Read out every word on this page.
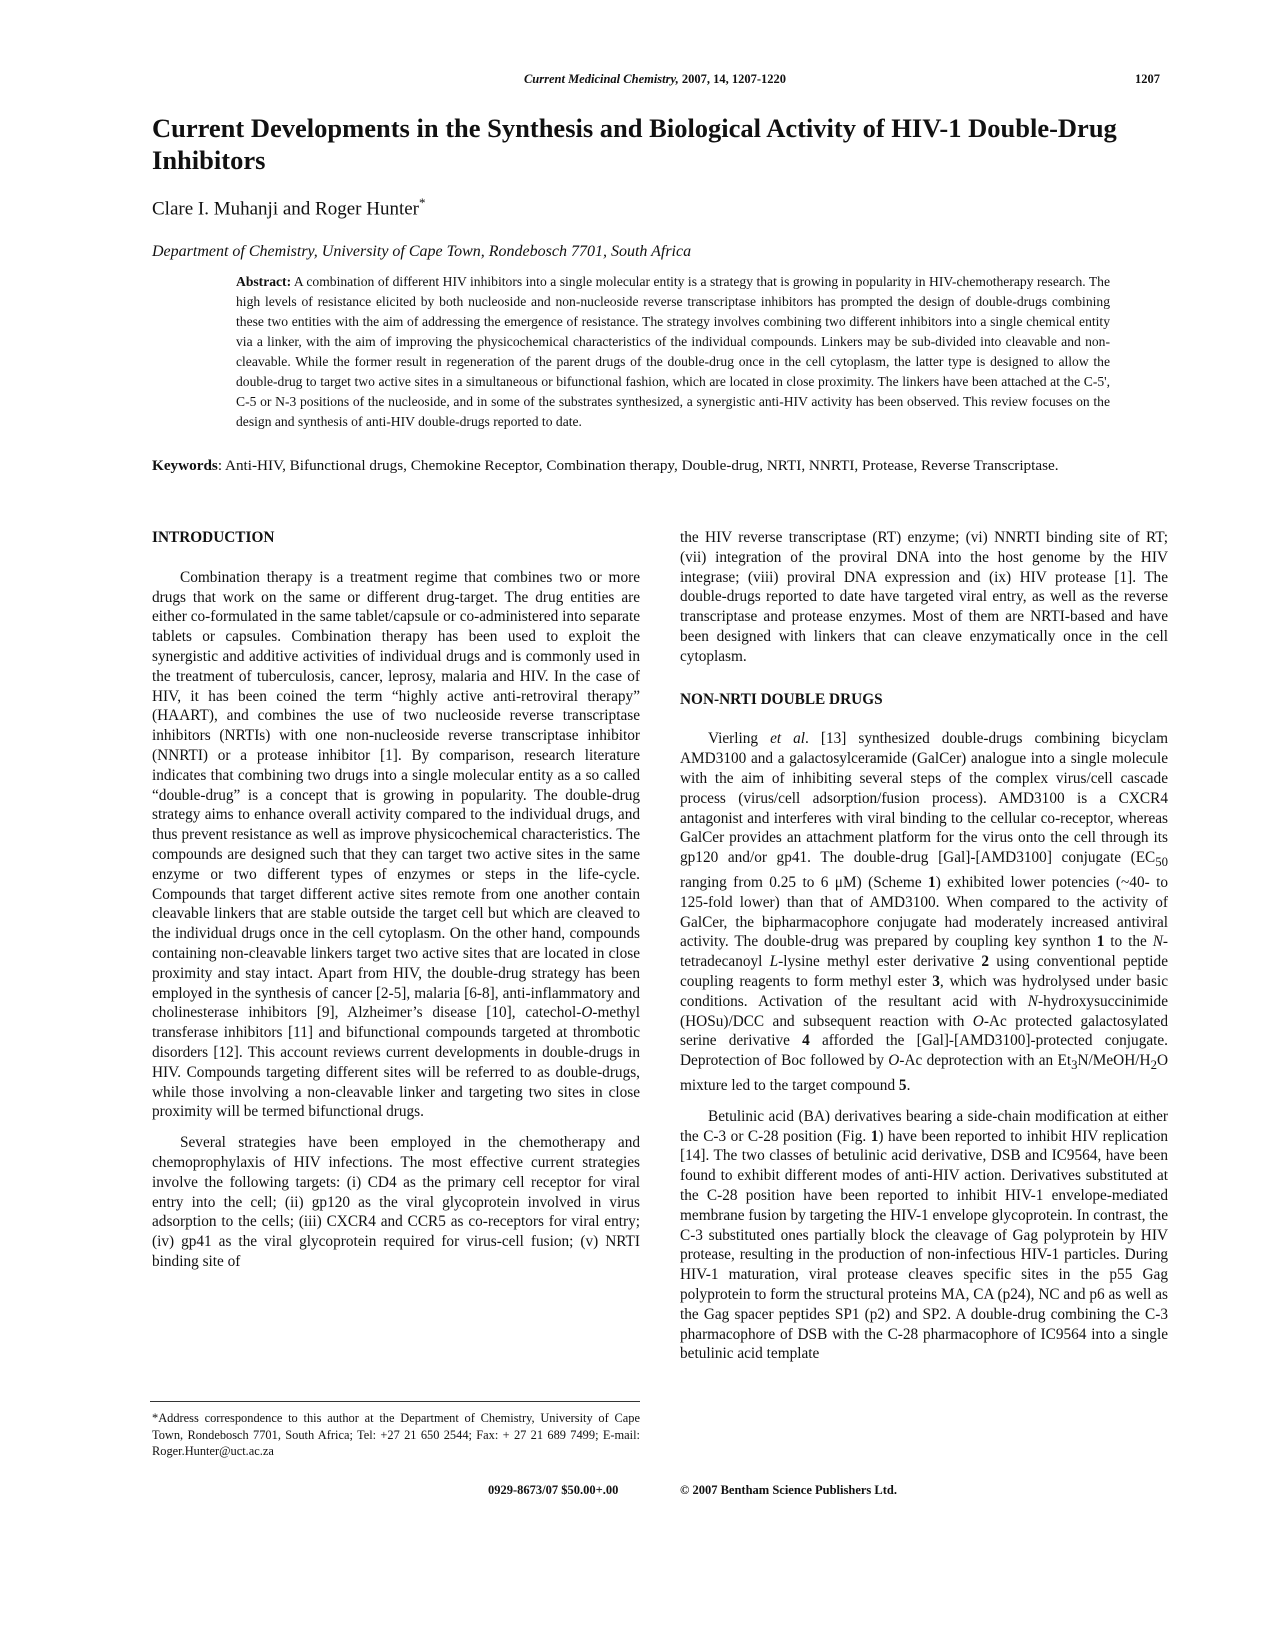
Current Medicinal Chemistry, 2007, 14, 1207-1220	1207
Current Developments in the Synthesis and Biological Activity of HIV-1 Double-Drug Inhibitors

Clare I. Muhanji and Roger Hunter*

Department of Chemistry, University of Cape Town, Rondebosch 7701, South Africa

Abstract: A combination of different HIV inhibitors into a single molecular entity is a strategy that is growing in popularity in HIV-chemotherapy research. The high levels of resistance elicited by both nucleoside and non-nucleoside reverse transcriptase inhibitors has prompted the design of double-drugs combining these two entities with the aim of addressing the emergence of resistance. The strategy involves combining two different inhibitors into a single chemical entity via a linker, with the aim of improving the physicochemical characteristics of the individual compounds. Linkers may be sub-divided into cleavable and non-cleavable. While the former result in regeneration of the parent drugs of the double-drug once in the cell cytoplasm, the latter type is designed to allow the double-drug to target two active sites in a simultaneous or bifunctional fashion, which are located in close proximity. The linkers have been attached at the C-5', C-5 or N-3 positions of the nucleoside, and in some of the substrates synthesized, a synergistic anti-HIV activity has been observed. This review focuses on the design and synthesis of anti-HIV double-drugs reported to date.

Keywords: Anti-HIV, Bifunctional drugs, Chemokine Receptor, Combination therapy, Double-drug, NRTI, NNRTI, Protease, Reverse Transcriptase.

INTRODUCTION

Combination therapy is a treatment regime that combines two or more drugs that work on the same or different drug-target. The drug entities are either co-formulated in the same tablet/capsule or co-administered into separate tablets or capsules. Combination therapy has been used to exploit the synergistic and additive activities of individual drugs and is commonly used in the treatment of tuberculosis, cancer, leprosy, malaria and HIV. In the case of HIV, it has been coined the term “highly active anti-retroviral therapy” (HAART), and combines the use of two nucleoside reverse transcriptase inhibitors (NRTIs) with one non-nucleoside reverse transcriptase inhibitor (NNRTI) or a protease inhibitor [1]. By comparison, research literature indicates that combining two drugs into a single molecular entity as a so called “double-drug” is a concept that is growing in popularity. The double-drug strategy aims to enhance overall activity compared to the individual drugs, and thus prevent resistance as well as improve physicochemical characteristics. The compounds are designed such that they can target two active sites in the same enzyme or two different types of enzymes or steps in the life-cycle. Compounds that target different active sites remote from one another contain cleavable linkers that are stable outside the target cell but which are cleaved to the individual drugs once in the cell cytoplasm. On the other hand, compounds containing non-cleavable linkers target two active sites that are located in close proximity and stay intact. Apart from HIV, the double-drug strategy has been employed in the synthesis of cancer [2-5], malaria [6-8], anti-inflammatory and cholinesterase inhibitors [9], Alzheimer’s disease [10], catechol-O-methyl transferase inhibitors [11] and bifunctional compounds targeted at thrombotic disorders [12]. This account reviews current developments in double-drugs in HIV. Compounds targeting different sites will be referred to as double-drugs, while those involving a non-cleavable linker and targeting two sites in close proximity will be termed bifunctional drugs.

Several strategies have been employed in the chemotherapy and chemoprophylaxis of HIV infections. The most effective current strategies involve the following targets: (i) CD4 as the primary cell receptor for viral entry into the cell; (ii) gp120 as the viral glycoprotein involved in virus adsorption to the cells; (iii) CXCR4 and CCR5 as co-receptors for viral entry; (iv) gp41 as the viral glycoprotein required for virus-cell fusion; (v) NRTI binding site of

*Address correspondence to this author at the Department of Chemistry, University of Cape Town, Rondebosch 7701, South Africa; Tel: +27 21 650 2544; Fax: + 27 21 689 7499; E-mail: Roger.Hunter@uct.ac.za

the HIV reverse transcriptase (RT) enzyme; (vi) NNRTI binding site of RT; (vii) integration of the proviral DNA into the host genome by the HIV integrase; (viii) proviral DNA expression and (ix) HIV protease [1]. The double-drugs reported to date have targeted viral entry, as well as the reverse transcriptase and protease enzymes. Most of them are NRTI-based and have been designed with linkers that can cleave enzymatically once in the cell cytoplasm.

NON-NRTI DOUBLE DRUGS

Vierling et al. [13] synthesized double-drugs combining bicyclam AMD3100 and a galactosylceramide (GalCer) analogue into a single molecule with the aim of inhibiting several steps of the complex virus/cell cascade process (virus/cell adsorption/fusion process). AMD3100 is a CXCR4 antagonist and interferes with viral binding to the cellular co-receptor, whereas GalCer provides an attachment platform for the virus onto the cell through its gp120 and/or gp41. The double-drug [Gal]-[AMD3100] conjugate ($EC_{50}$ ranging from 0.25 to 6 μM) (Scheme 1) exhibited lower potencies (~40- to 125-fold lower) than that of AMD3100. When compared to the activity of GalCer, the bipharmacophore conjugate had moderately increased antiviral activity. The double-drug was prepared by coupling key synthon 1 to the N-tetradecanoyl L-lysine methyl ester derivative 2 using conventional peptide coupling reagents to form methyl ester 3, which was hydrolysed under basic conditions. Activation of the resultant acid with N-hydroxysuccinimide (HOSu)/DCC and subsequent reaction with O-Ac protected galactosylated serine derivative 4 afforded the [Gal]-[AMD3100]-protected conjugate. Deprotection of Boc followed by O-Ac deprotection with an $Et_3N/MeOH/H_2O$ mixture led to the target compound 5.

Betulinic acid (BA) derivatives bearing a side-chain modification at either the C-3 or C-28 position (Fig. 1) have been reported to inhibit HIV replication [14]. The two classes of betulinic acid derivative, DSB and IC9564, have been found to exhibit different modes of anti-HIV action. Derivatives substituted at the C-28 position have been reported to inhibit HIV-1 envelope-mediated membrane fusion by targeting the HIV-1 envelope glycoprotein. In contrast, the C-3 substituted ones partially block the cleavage of Gag polyprotein by HIV protease, resulting in the production of non-infectious HIV-1 particles. During HIV-1 maturation, viral protease cleaves specific sites in the p55 Gag polyprotein to form the structural proteins MA, CA (p24), NC and p6 as well as the Gag spacer peptides SP1 (p2) and SP2. A double-drug combining the C-3 pharmacophore of DSB with the C-28 pharmacophore of IC9564 into a single betulinic acid template

0929-8673/07 $50.00+.00	© 2007 Bentham Science Publishers Ltd.
